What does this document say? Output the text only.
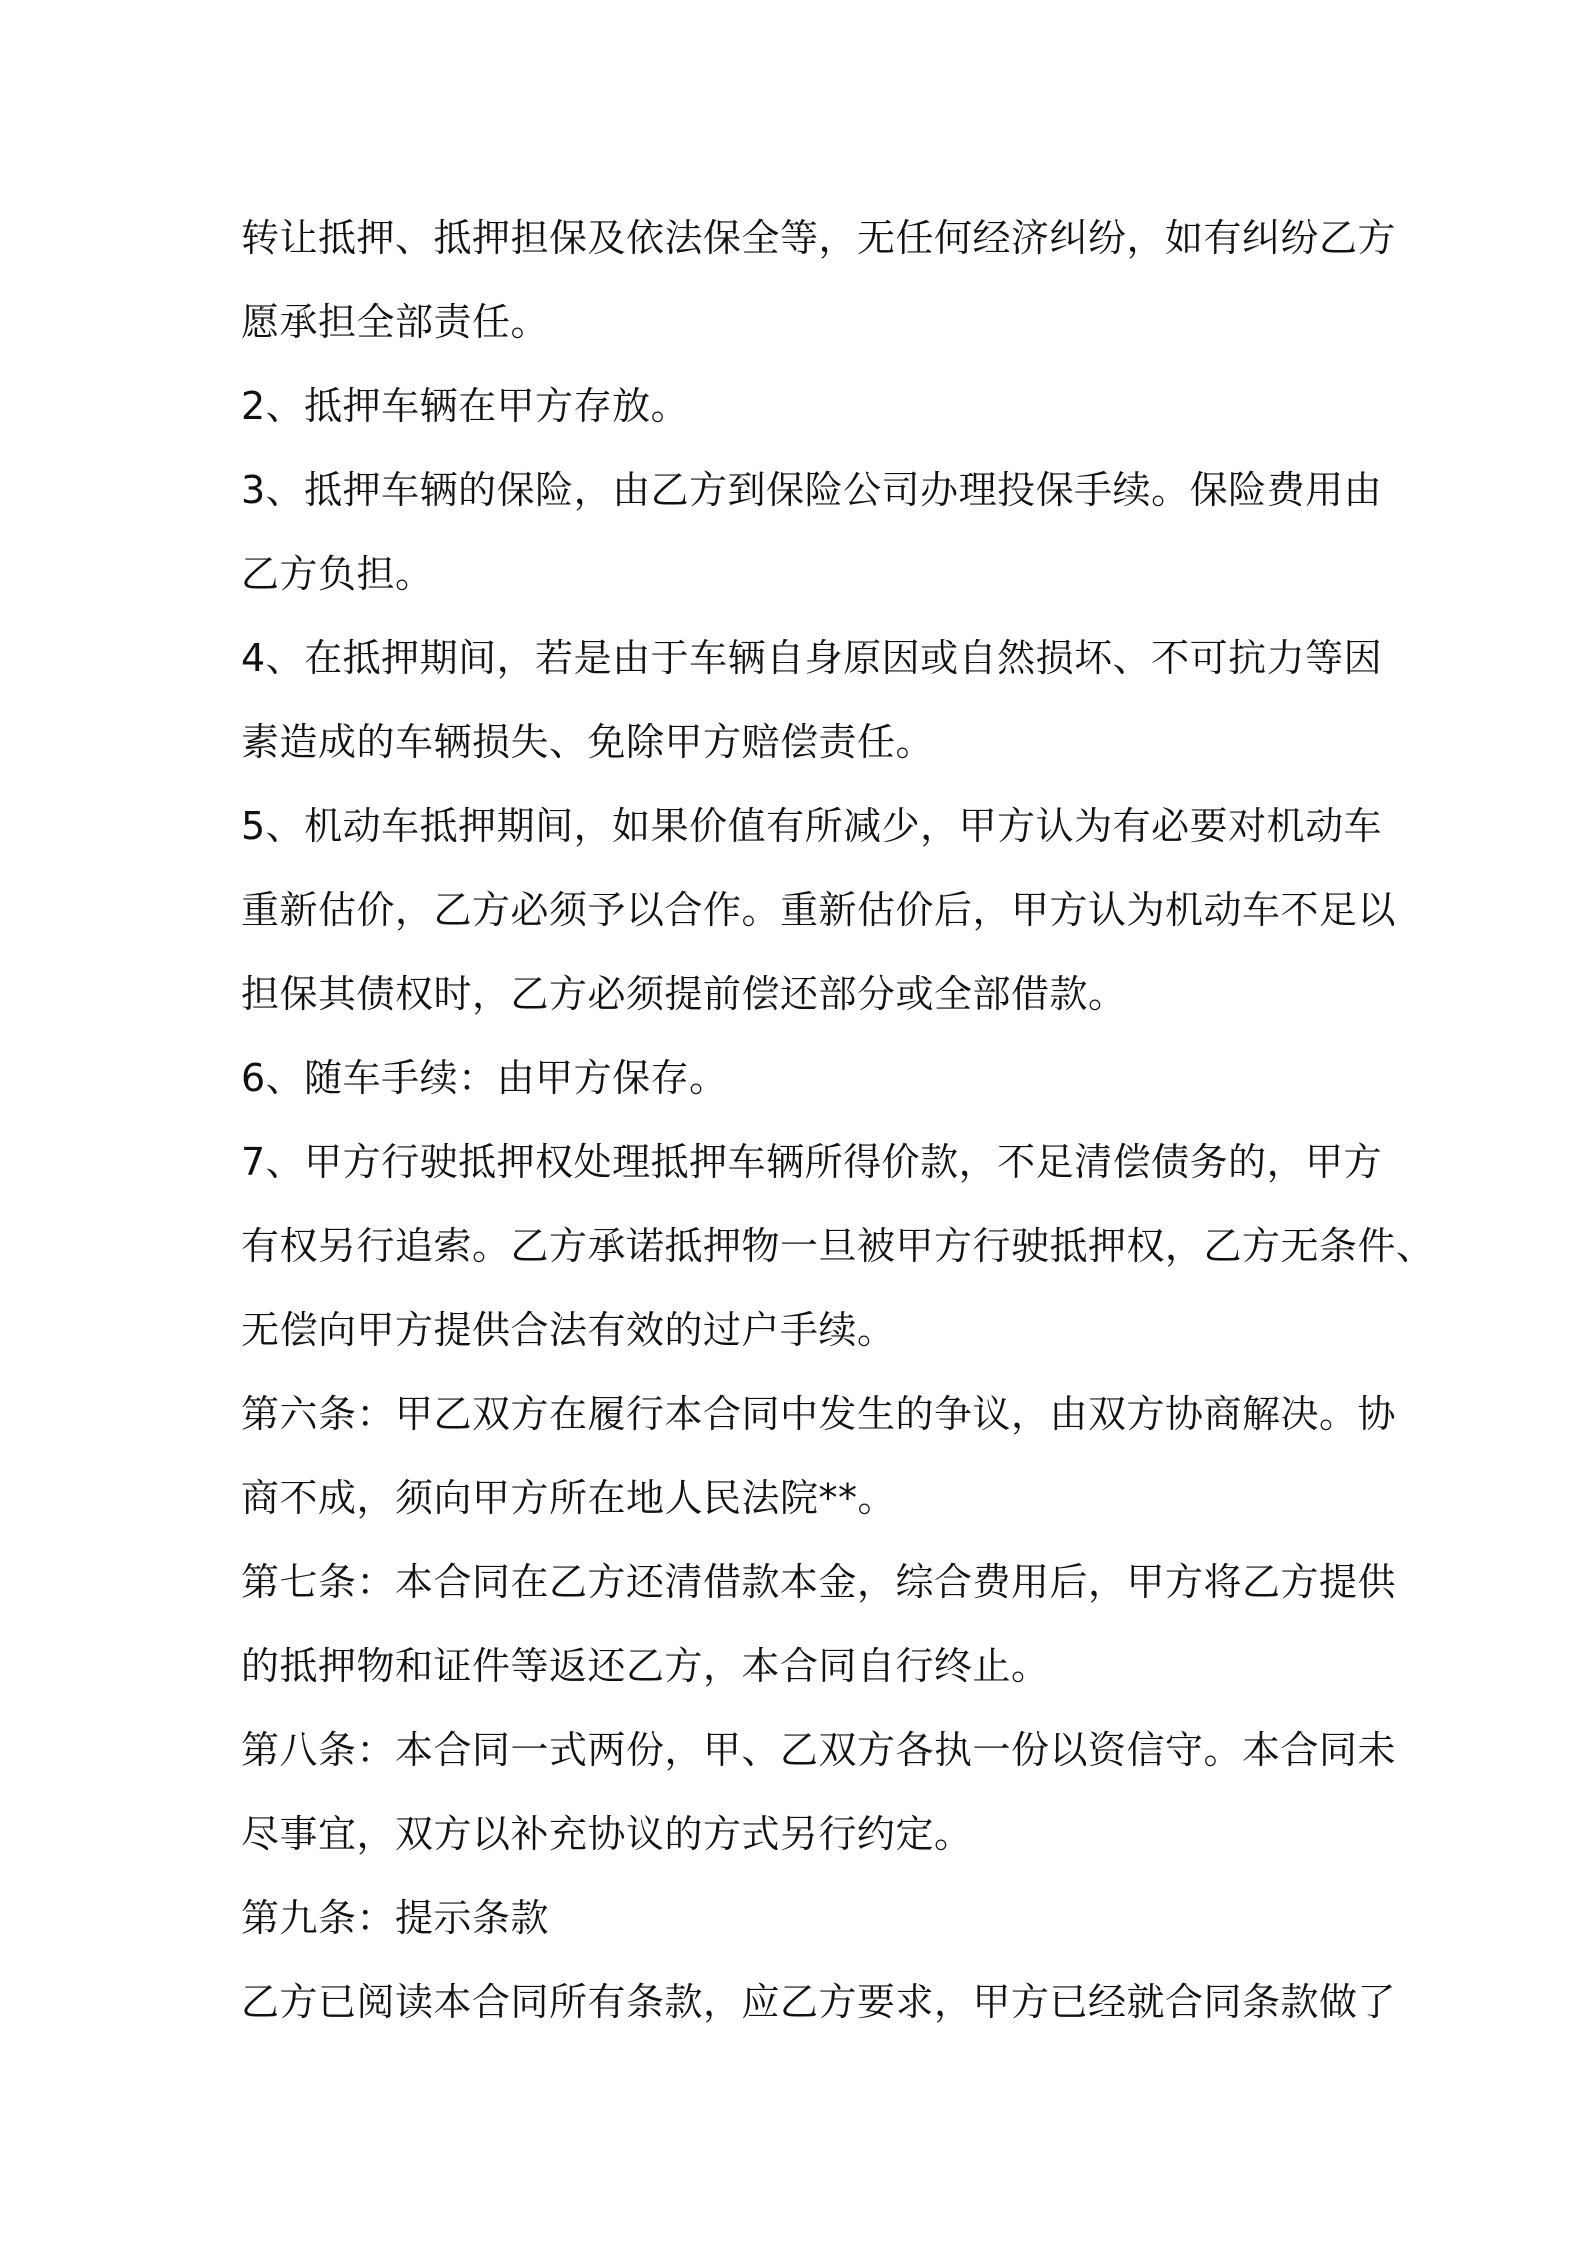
转让抵押、抵押担保及依法保全等，无任何经济纠纷，如有纠纷乙方
愿承担全部责任。
2、抵押车辆在甲方存放。
3、抵押车辆的保险，由乙方到保险公司办理投保手续。保险费用由
乙方负担。
4、在抵押期间，若是由于车辆自身原因或自然损坏、不可抗力等因
素造成的车辆损失、免除甲方赔偿责任。
5、机动车抵押期间，如果价值有所减少，甲方认为有必要对机动车
重新估价，乙方必须予以合作。重新估价后，甲方认为机动车不足以
担保其债权时，乙方必须提前偿还部分或全部借款。
6、随车手续：由甲方保存。
7、甲方行驶抵押权处理抵押车辆所得价款，不足清偿债务的，甲方
有权另行追索。乙方承诺抵押物一旦被甲方行驶抵押权，乙方无条件、
无偿向甲方提供合法有效的过户手续。
第六条：甲乙双方在履行本合同中发生的争议，由双方协商解决。协
商不成，须向甲方所在地人民法院**。
第七条：本合同在乙方还清借款本金，综合费用后，甲方将乙方提供
的抵押物和证件等返还乙方，本合同自行终止。
第八条：本合同一式两份，甲、乙双方各执一份以资信守。本合同未
尽事宜，双方以补充协议的方式另行约定。
第九条：提示条款
乙方已阅读本合同所有条款，应乙方要求，甲方已经就合同条款做了
